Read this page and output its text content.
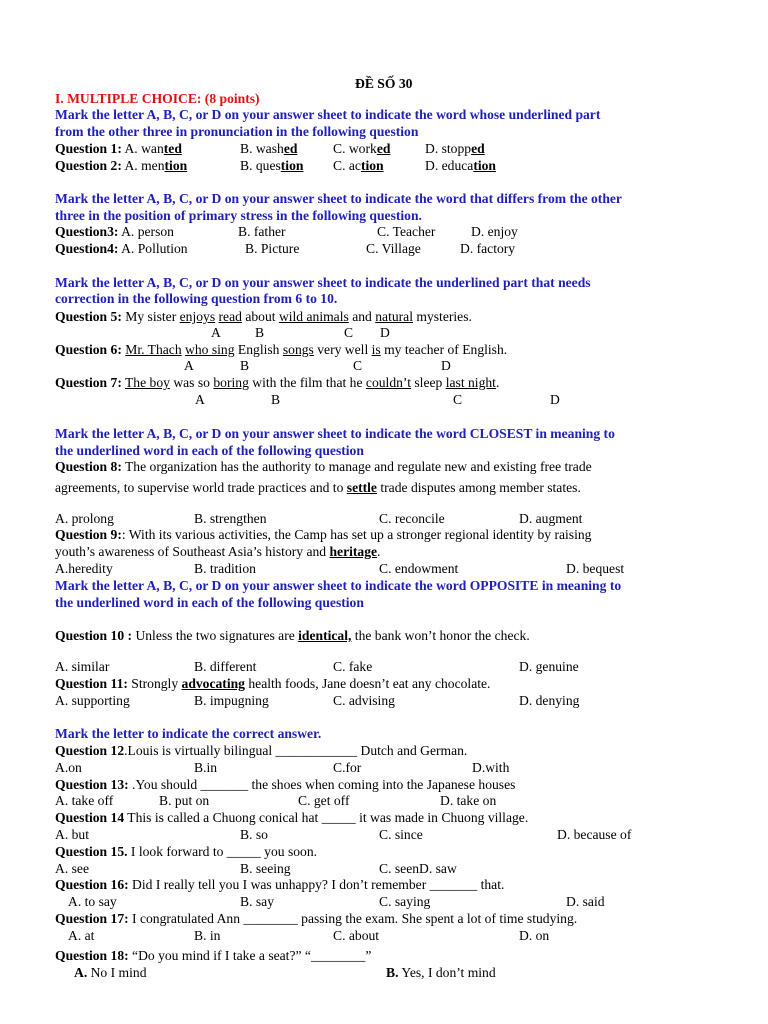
ĐỀ SỐ 30
I. MULTIPLE CHOICE: (8 points)
Mark the letter A, B, C, or D on your answer sheet to indicate the word whose underlined part
from the other three in pronunciation in the following question
Question 1: A. wanted	B. washed	C. worked	D. stopped
Question 2: A. mention	B. question C. action	D. education
Mark the letter A, B, C, or D on your answer sheet to indicate the word that differs from the other
three in the position of primary stress in the following question.
Question3: A. person	B. father	C. Teacher	D. enjoy
Question4: A. Pollution	B. Picture	C. Village	D. factory
Mark the letter A, B, C, or D on your answer sheet to indicate the underlined part that needs
correction in the following question from 6 to 10.
Question 5: My sister enjoys read about wild animals and natural mysteries.
A	B	C D
Question 6: Mr. Thach who sing English songs very well is my teacher of English.
A	B	C	D
Question 7: The boy was so boring with the film that he couldn’t sleep last night.
A	B	C	D
Mark the letter A, B, C, or D on your answer sheet to indicate the word CLOSEST in meaning to
the underlined word in each of the following question
Question 8: The organization has the authority to manage and regulate new and existing free trade
agreements, to supervise world trade practices and to settle trade disputes among member states.
A. prolong	B. strengthen	C. reconcile	D. augment
Question 9:: With its various activities, the Camp has set up a stronger regional identity by raising
youth’s awareness of Southeast Asia’s history and heritage.
A.heredity	B. tradition	C. endowment	D. bequest
Mark the letter A, B, C, or D on your answer sheet to indicate the word OPPOSITE in meaning to
the underlined word in each of the following question
Question 10 : Unless the two signatures are identical, the bank won’t honor the check.
A. similar	B. different	C. fake	D. genuine
Question 11: Strongly advocating health foods, Jane doesn’t eat any chocolate.
A. supporting	B. impugning	C. advising	D. denying
Mark the letter to indicate the correct answer.
Question 12.Louis is virtually bilingual ____________ Dutch and German.
A.on	B.in	C.for	D.with
Question 13: .You should _______ the shoes when coming into the Japanese houses
A. take off	B. put on	C. get off	D. take on
Question 14 This is called a Chuong conical hat _____ it was made in Chuong village.
A. but	B. so	C. since	D. because of
Question 15. I look forward to _____ you soon.
A. see	B. seeing	C. seenD. saw
Question 16: Did I really tell you I was unhappy? I don’t remember _______ that.
A. to say	B. say	C. saying	D. said
Question 17: I congratulated Ann ________ passing the exam. She spent a lot of time studying.
A. at	B. in	C. about	D. on
Question 18: “Do you mind if I take a seat?” “________”
A. No I mind	B. Yes, I don’t mind
